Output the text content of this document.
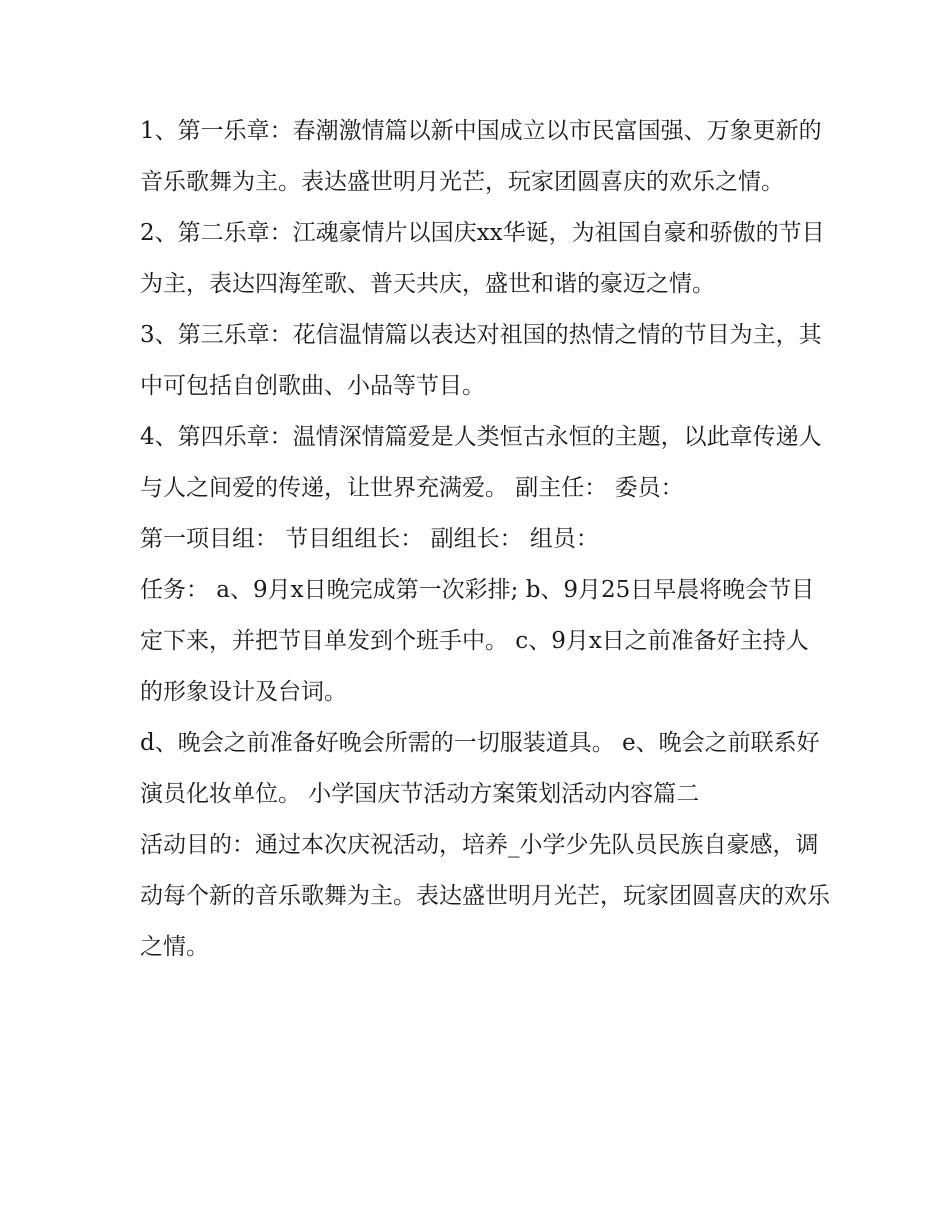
1、第一乐章：春潮激情篇以新中国成立以市民富国强、万象更新的音乐歌舞为主。表达盛世明月光芒，玩家团圆喜庆的欢乐之情。

2、第二乐章：江魂豪情片以国庆xx华诞，为祖国自豪和骄傲的节目为主，表达四海笙歌、普天共庆，盛世和谐的豪迈之情。

3、第三乐章：花信温情篇以表达对祖国的热情之情的节目为主，其中可包括自创歌曲、小品等节目。

4、第四乐章：温情深情篇爱是人类恒古永恒的主题，以此章传递人与人之间爱的传递，让世界充满爱。 副主任： 委员：

第一项目组： 节目组组长： 副组长： 组员：

任务： a、9月x日晚完成第一次彩排; b、9月25日早晨将晚会节目定下来，并把节目单发到个班手中。 c、9月x日之前准备好主持人的形象设计及台词。

d、晚会之前准备好晚会所需的一切服装道具。 e、晚会之前联系好演员化妆单位。 小学国庆节活动方案策划活动内容篇二

活动目的：通过本次庆祝活动，培养_小学少先队员民族自豪感，调动每个新的音乐歌舞为主。表达盛世明月光芒，玩家团圆喜庆的欢乐之情。
